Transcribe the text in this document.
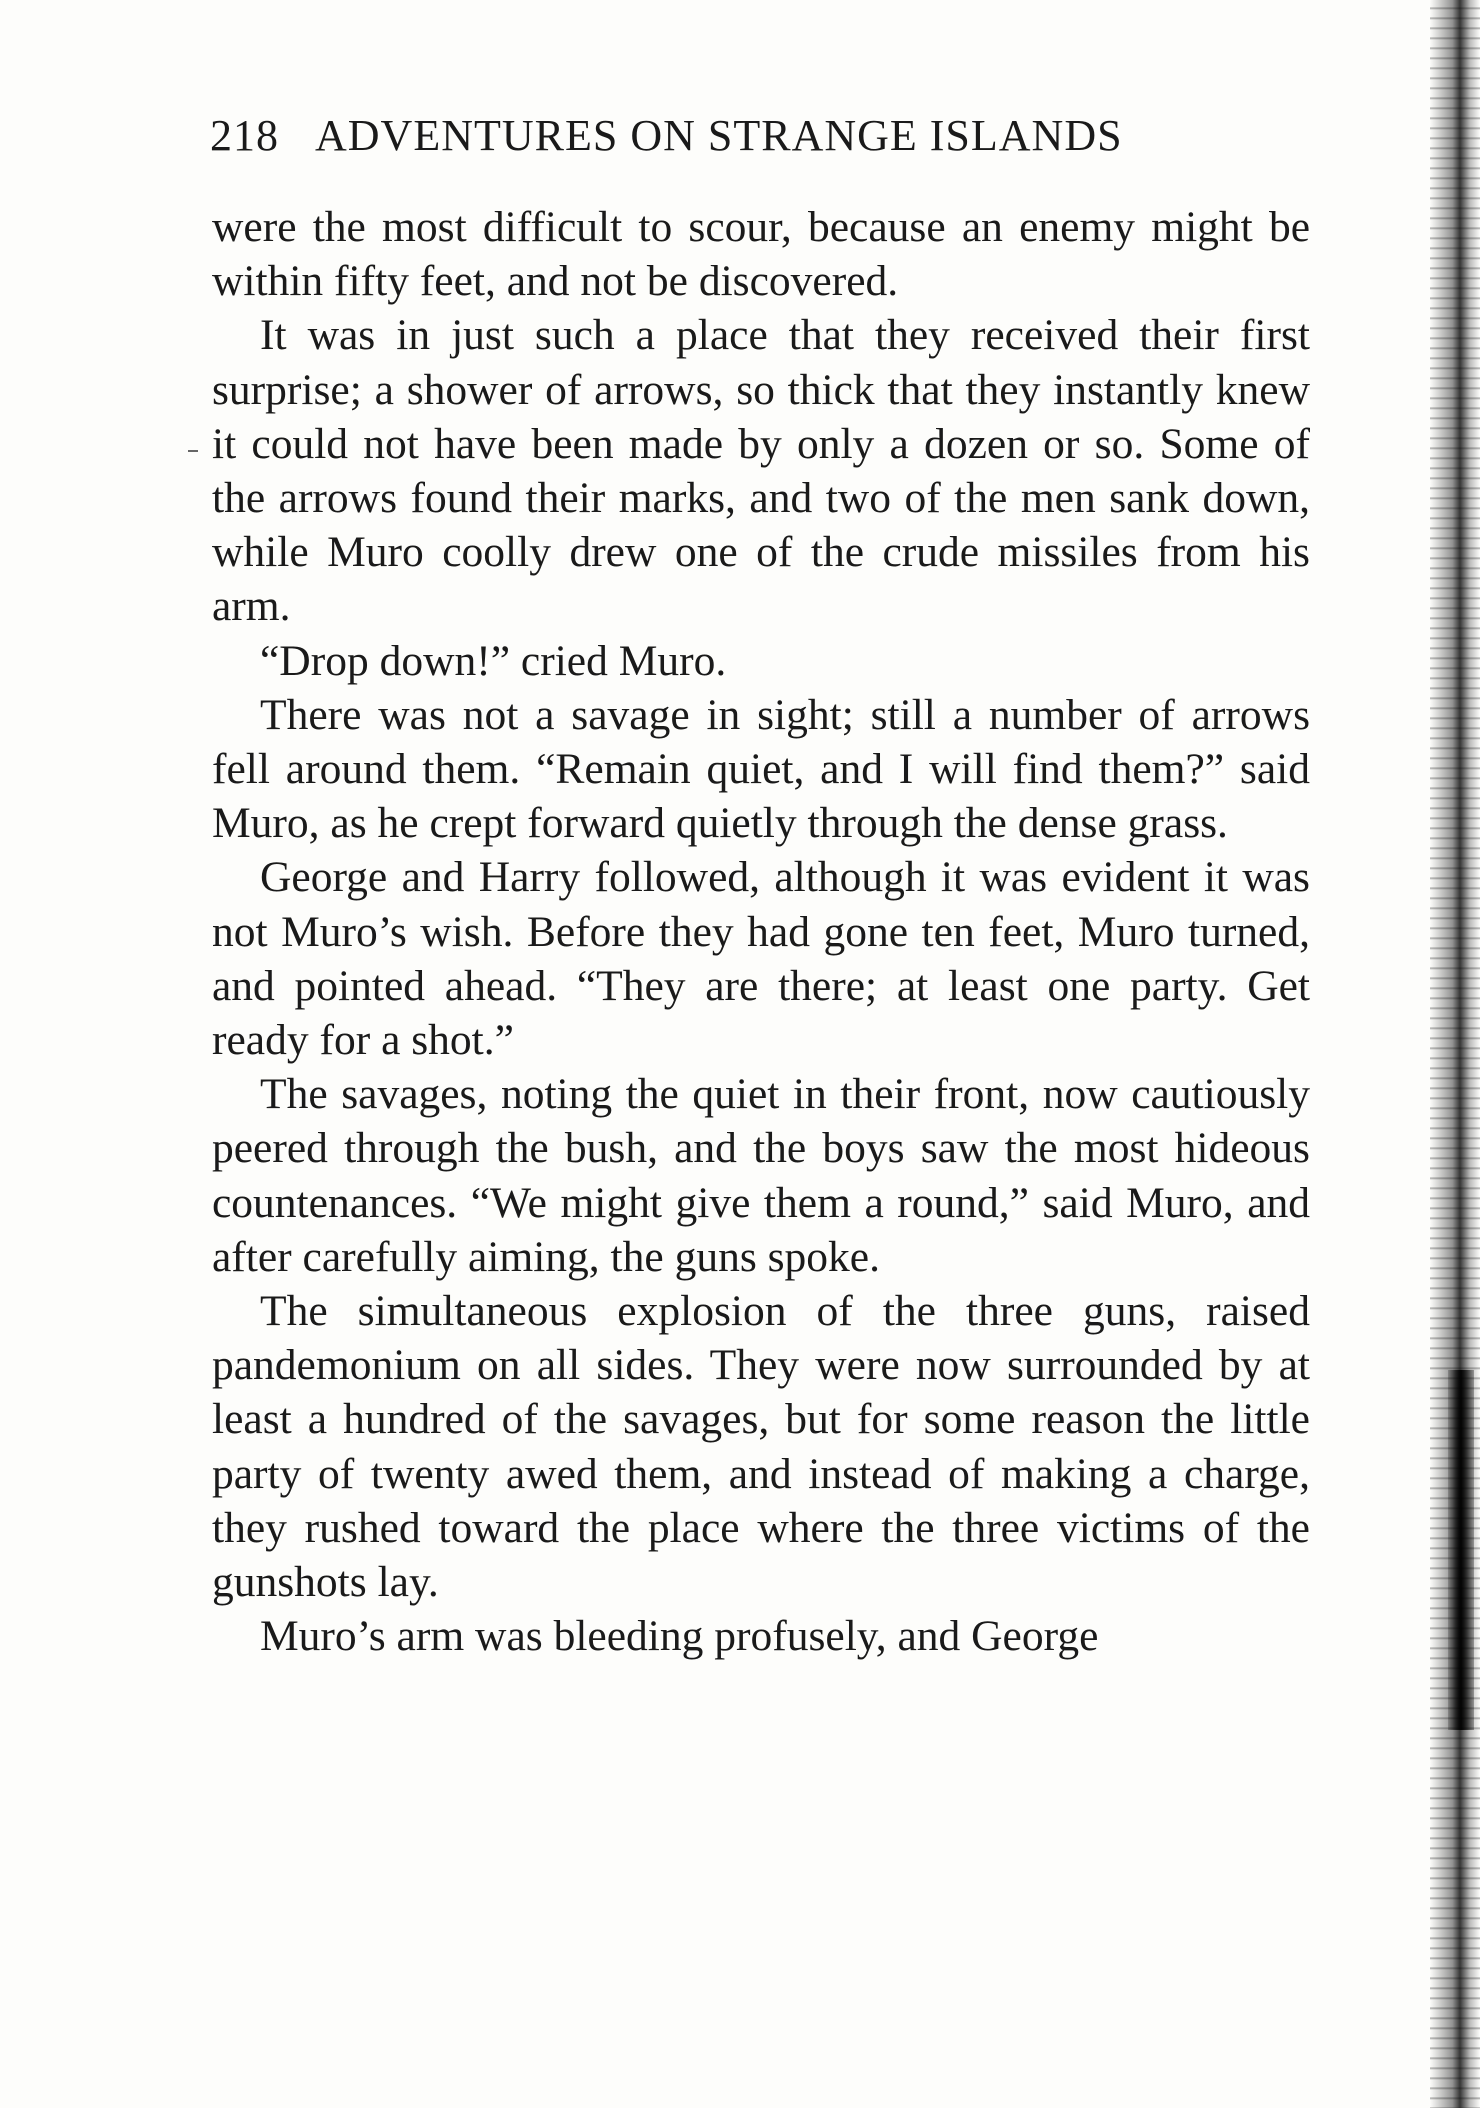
218 ADVENTURES ON STRANGE ISLANDS

were the most difficult to scour, because an enemy might be within fifty feet, and not be discovered.

It was in just such a place that they received their first surprise; a shower of arrows, so thick that they instantly knew it could not have been made by only a dozen or so. Some of the arrows found their marks, and two of the men sank down, while Muro coolly drew one of the crude missiles from his arm.

“Drop down!” cried Muro.

There was not a savage in sight; still a number of arrows fell around them. “Remain quiet, and I will find them?” said Muro, as he crept forward quietly through the dense grass.

George and Harry followed, although it was evident it was not Muro’s wish. Before they had gone ten feet, Muro turned, and pointed ahead. “They are there; at least one party. Get ready for a shot.”

The savages, noting the quiet in their front, now cautiously peered through the bush, and the boys saw the most hideous countenances. “We might give them a round,” said Muro, and after carefully aiming, the guns spoke.

The simultaneous explosion of the three guns, raised pandemonium on all sides. They were now surrounded by at least a hundred of the savages, but for some reason the little party of twenty awed them, and instead of making a charge, they rushed toward the place where the three victims of the gunshots lay.

Muro’s arm was bleeding profusely, and George
